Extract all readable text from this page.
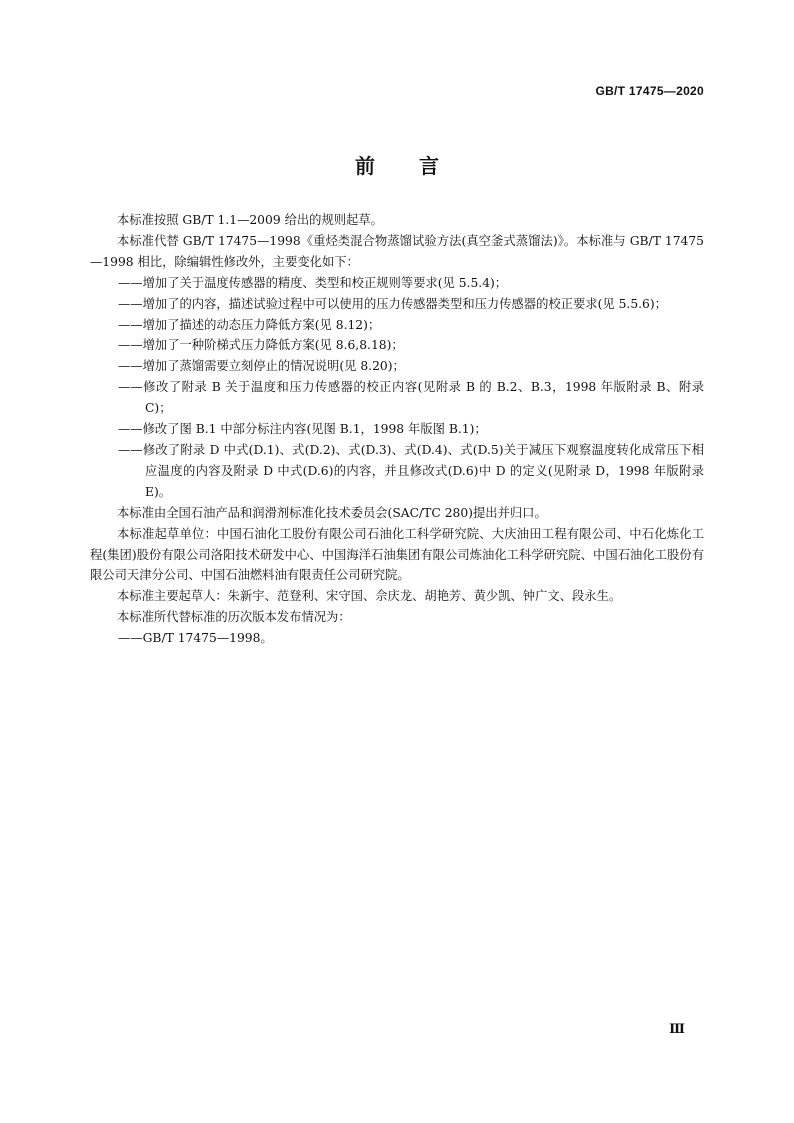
GB/T 17475—2020
前言

本标准按照 GB/T 1.1—2009 给出的规则起草。

本标准代替 GB/T 17475—1998《重烃类混合物蒸馏试验方法(真空釜式蒸馏法)》。本标准与 GB/T 17475—1998 相比，除编辑性修改外，主要变化如下：

——增加了关于温度传感器的精度、类型和校正规则等要求(见 5.5.4)；

——增加了的内容，描述试验过程中可以使用的压力传感器类型和压力传感器的校正要求(见 5.5.6)；

——增加了描述的动态压力降低方案(见 8.12)；

——增加了一种阶梯式压力降低方案(见 8.6,8.18)；

——增加了蒸馏需要立刻停止的情况说明(见 8.20)；

——修改了附录 B 关于温度和压力传感器的校正内容(见附录 B 的 B.2、B.3，1998 年版附录 B、附录 C)；

——修改了图 B.1 中部分标注内容(见图 B.1，1998 年版图 B.1)；

——修改了附录 D 中式(D.1)、式(D.2)、式(D.3)、式(D.4)、式(D.5)关于减压下观察温度转化成常压下相应温度的内容及附录 D 中式(D.6)的内容，并且修改式(D.6)中 D 的定义(见附录 D，1998 年版附录 E)。

本标准由全国石油产品和润滑剂标准化技术委员会(SAC/TC 280)提出并归口。

本标准起草单位：中国石油化工股份有限公司石油化工科学研究院、大庆油田工程有限公司、中石化炼化工程(集团)股份有限公司洛阳技术研发中心、中国海洋石油集团有限公司炼油化工科学研究院、中国石油化工股份有限公司天津分公司、中国石油燃料油有限责任公司研究院。

本标准主要起草人：朱新宇、范登利、宋守国、佘庆龙、胡艳芳、黄少凯、钟广文、段永生。

本标准所代替标准的历次版本发布情况为：

——GB/T 17475—1998。

Ⅲ
